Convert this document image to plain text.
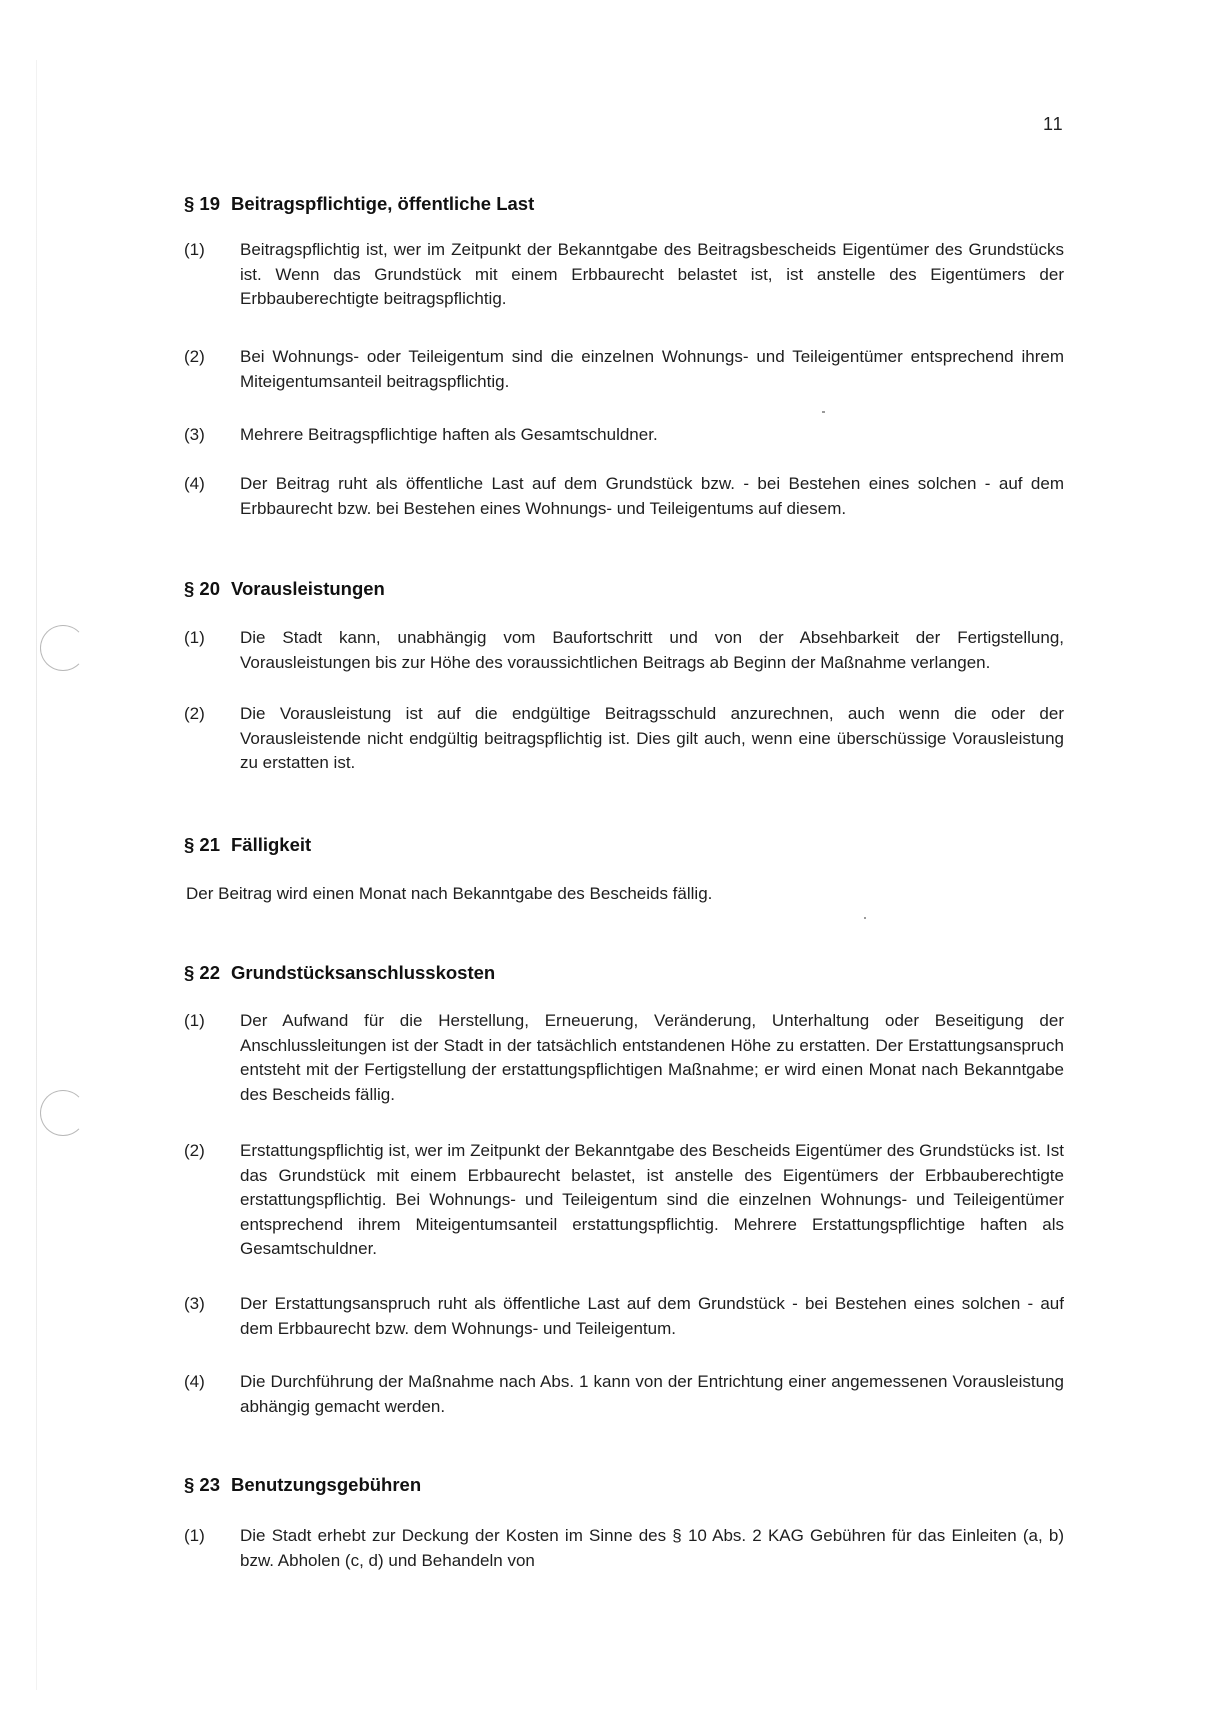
11
§ 19 Beitragspflichtige, öffentliche Last
(1)	Beitragspflichtig ist, wer im Zeitpunkt der Bekanntgabe des Beitragsbescheids Eigentümer des Grundstücks ist. Wenn das Grundstück mit einem Erbbaurecht belastet ist, ist anstelle des Eigentümers der Erbbauberechtigte beitragspflichtig.
(2)	Bei Wohnungs- oder Teileigentum sind die einzelnen Wohnungs- und Teileigentümer entsprechend ihrem Miteigentumsanteil beitragspflichtig.
(3)	Mehrere Beitragspflichtige haften als Gesamtschuldner.
(4)	Der Beitrag ruht als öffentliche Last auf dem Grundstück bzw. - bei Bestehen eines solchen - auf dem Erbbaurecht bzw. bei Bestehen eines Wohnungs- und Teileigentums auf diesem.
§ 20 Vorausleistungen
(1)	Die Stadt kann, unabhängig vom Baufortschritt und von der Absehbarkeit der Fertigstellung, Vorausleistungen bis zur Höhe des voraussichtlichen Beitrags ab Beginn der Maßnahme verlangen.
(2)	Die Vorausleistung ist auf die endgültige Beitragsschuld anzurechnen, auch wenn die oder der Vorausleistende nicht endgültig beitragspflichtig ist. Dies gilt auch, wenn eine überschüssige Vorausleistung zu erstatten ist.
§ 21 Fälligkeit
Der Beitrag wird einen Monat nach Bekanntgabe des Bescheids fällig.
§ 22 Grundstücksanschlusskosten
(1)	Der Aufwand für die Herstellung, Erneuerung, Veränderung, Unterhaltung oder Beseitigung der Anschlussleitungen ist der Stadt in der tatsächlich entstandenen Höhe zu erstatten. Der Erstattungsanspruch entsteht mit der Fertigstellung der erstattungspflichtigen Maßnahme; er wird einen Monat nach Bekanntgabe des Bescheids fällig.
(2)	Erstattungspflichtig ist, wer im Zeitpunkt der Bekanntgabe des Bescheids Eigentümer des Grundstücks ist. Ist das Grundstück mit einem Erbbaurecht belastet, ist anstelle des Eigentümers der Erbbauberechtigte erstattungspflichtig. Bei Wohnungs- und Teileigentum sind die einzelnen Wohnungs- und Teileigentümer entsprechend ihrem Miteigentumsanteil erstattungspflichtig. Mehrere Erstattungspflichtige haften als Gesamtschuldner.
(3)	Der Erstattungsanspruch ruht als öffentliche Last auf dem Grundstück - bei Bestehen eines solchen - auf dem Erbbaurecht bzw. dem Wohnungs- und Teileigentum.
(4)	Die Durchführung der Maßnahme nach Abs. 1 kann von der Entrichtung einer angemessenen Vorausleistung abhängig gemacht werden.
§ 23 Benutzungsgebühren
(1)	Die Stadt erhebt zur Deckung der Kosten im Sinne des § 10 Abs. 2 KAG Gebühren für das Einleiten (a, b) bzw. Abholen (c, d) und Behandeln von
